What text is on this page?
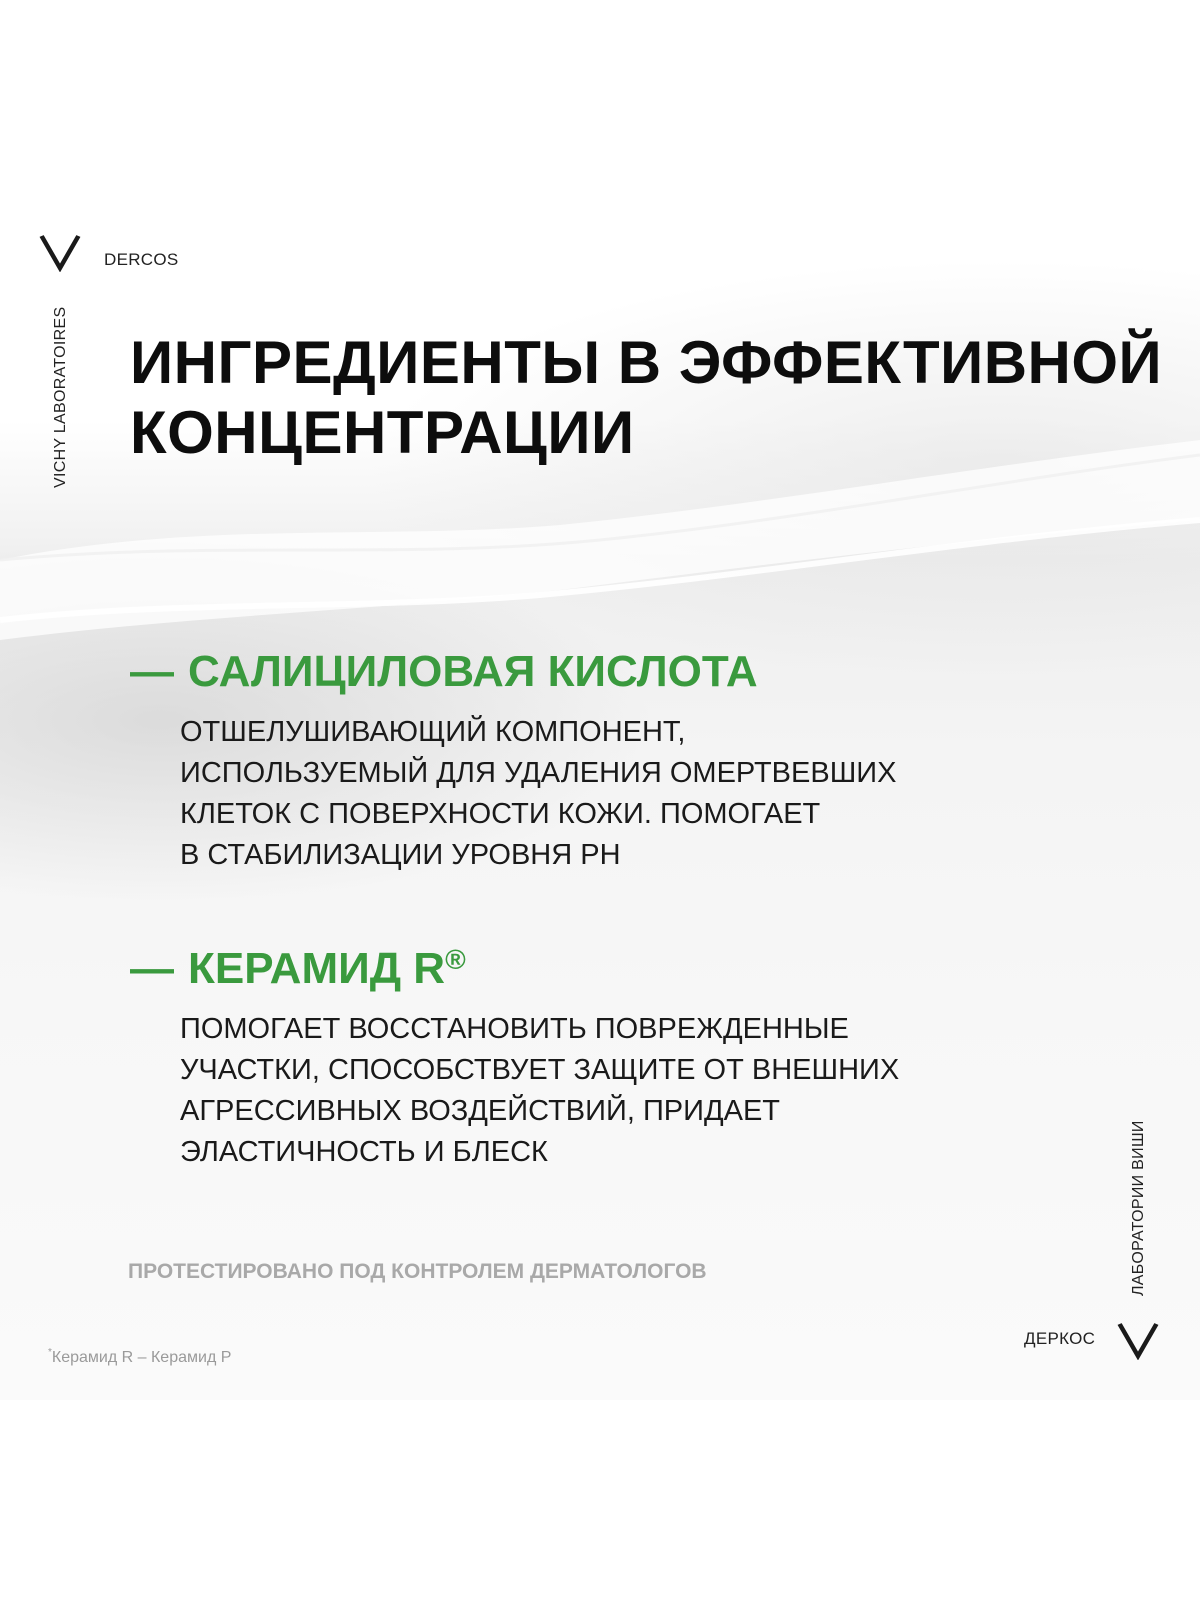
DERCOS
VICHY LABORATOIRES ИНГРЕДИЕНТЫ В ЭФФЕКТИВНОЙ
КОНЦЕНТРАЦИИ
— САЛИЦИЛОВАЯ КИСЛОТА
ОТШЕЛУШИВАЮЩИЙ КОМПОНЕНТ,
ИСПОЛЬЗУЕМЫЙ ДЛЯ УДАЛЕНИЯ ОМЕРТВЕВШИХ
КЛЕТОК С ПОВЕРХНОСТИ КОЖИ. ПОМОГАЕТ
В СТАБИЛИЗАЦИИ УРОВНЯ PH
— КЕРАМИД R®
ПОМОГАЕТ ВОССТАНОВИТЬ ПОВРЕЖДЕННЫЕ
УЧАСТКИ, СПОСОБСТВУЕТ ЗАЩИТЕ ОТ ВНЕШНИХ
АГРЕССИВНЫХ ВОЗДЕЙСТВИЙ, ПРИДАЕТ
ЭЛАСТИЧНОСТЬ И БЛЕСК
ПРОТЕСТИРОВАНО ПОД КОНТРОЛЕМ ДЕРМАТОЛОГОВ
*Керамид R – Керамид Р
ЛАБОРАТОРИИ ВИШИ
ДЕРКОС
